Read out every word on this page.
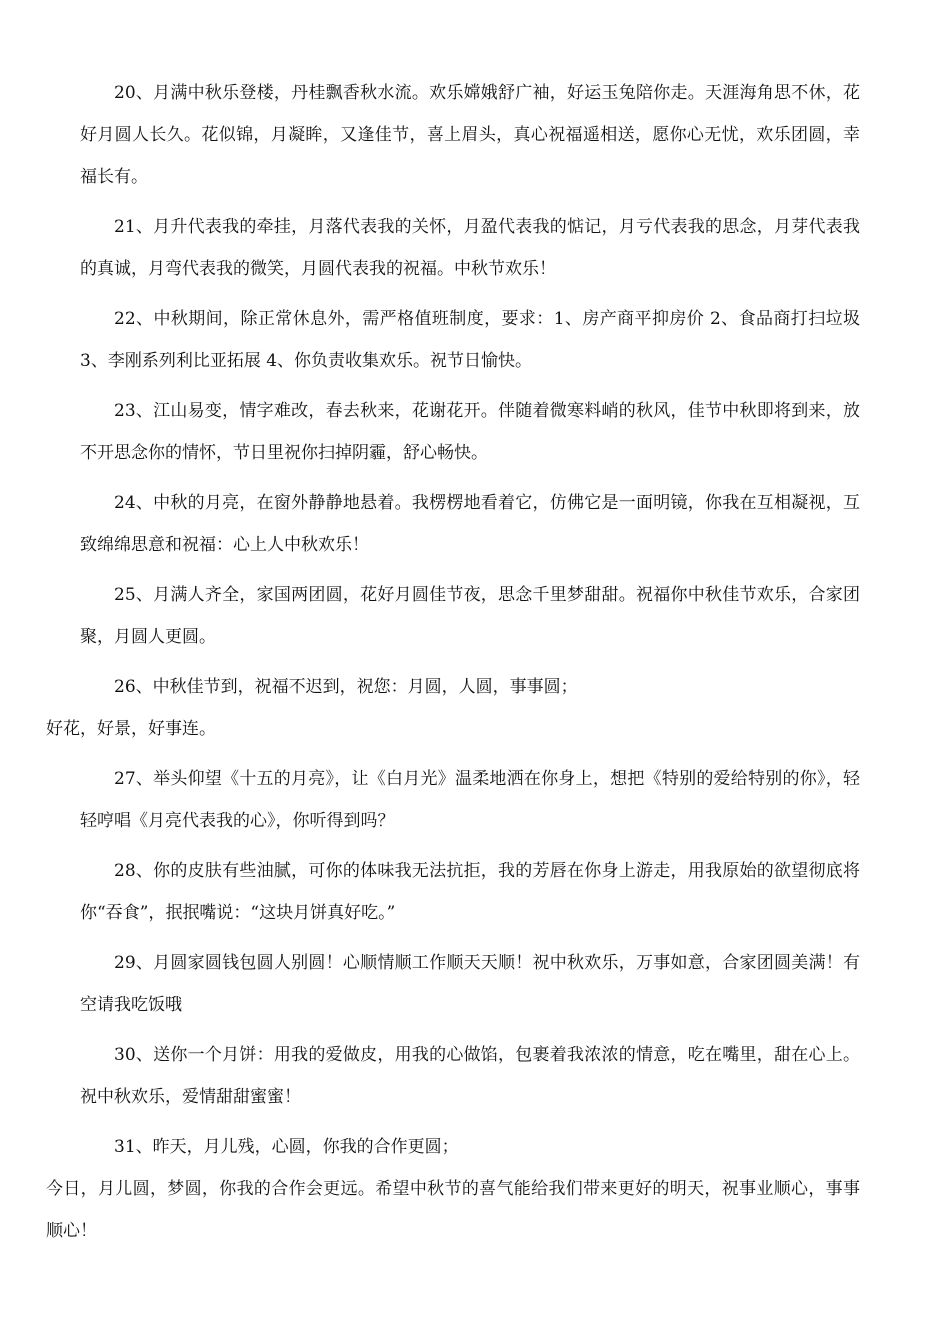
20、月满中秋乐登楼，丹桂飘香秋水流。欢乐嫦娥舒广袖，好运玉兔陪你走。天涯海角思不休，花好月圆人长久。花似锦，月凝眸，又逢佳节，喜上眉头，真心祝福遥相送，愿你心无忧，欢乐团圆，幸福长有。

21、月升代表我的牵挂，月落代表我的关怀，月盈代表我的惦记，月亏代表我的思念，月芽代表我的真诚，月弯代表我的微笑，月圆代表我的祝福。中秋节欢乐！

22、中秋期间，除正常休息外，需严格值班制度，要求：1、房产商平抑房价 2、食品商打扫垃圾 3、李刚系列利比亚拓展 4、你负责收集欢乐。祝节日愉快。

23、江山易变，情字难改，春去秋来，花谢花开。伴随着微寒料峭的秋风，佳节中秋即将到来，放不开思念你的情怀，节日里祝你扫掉阴霾，舒心畅快。

24、中秋的月亮，在窗外静静地悬着。我楞楞地看着它，仿佛它是一面明镜，你我在互相凝视，互致绵绵思意和祝福：心上人中秋欢乐！

25、月满人齐全，家国两团圆，花好月圆佳节夜，思念千里梦甜甜。祝福你中秋佳节欢乐，合家团聚，月圆人更圆。

26、中秋佳节到，祝福不迟到，祝您：月圆，人圆，事事圆；
好花，好景，好事连。

27、举头仰望《十五的月亮》，让《白月光》温柔地洒在你身上，想把《特别的爱给特别的你》，轻轻哼唱《月亮代表我的心》，你听得到吗？

28、你的皮肤有些油腻，可你的体味我无法抗拒，我的芳唇在你身上游走，用我原始的欲望彻底将你“吞食”，抿抿嘴说：“这块月饼真好吃。”

29、月圆家圆钱包圆人别圆！心顺情顺工作顺天天顺！祝中秋欢乐，万事如意，合家团圆美满！有空请我吃饭哦

30、送你一个月饼：用我的爱做皮，用我的心做馅，包裹着我浓浓的情意，吃在嘴里，甜在心上。祝中秋欢乐，爱情甜甜蜜蜜！

31、昨天，月儿残，心圆，你我的合作更圆；
今日，月儿圆，梦圆，你我的合作会更远。希望中秋节的喜气能给我们带来更好的明天，祝事业顺心，事事顺心！
